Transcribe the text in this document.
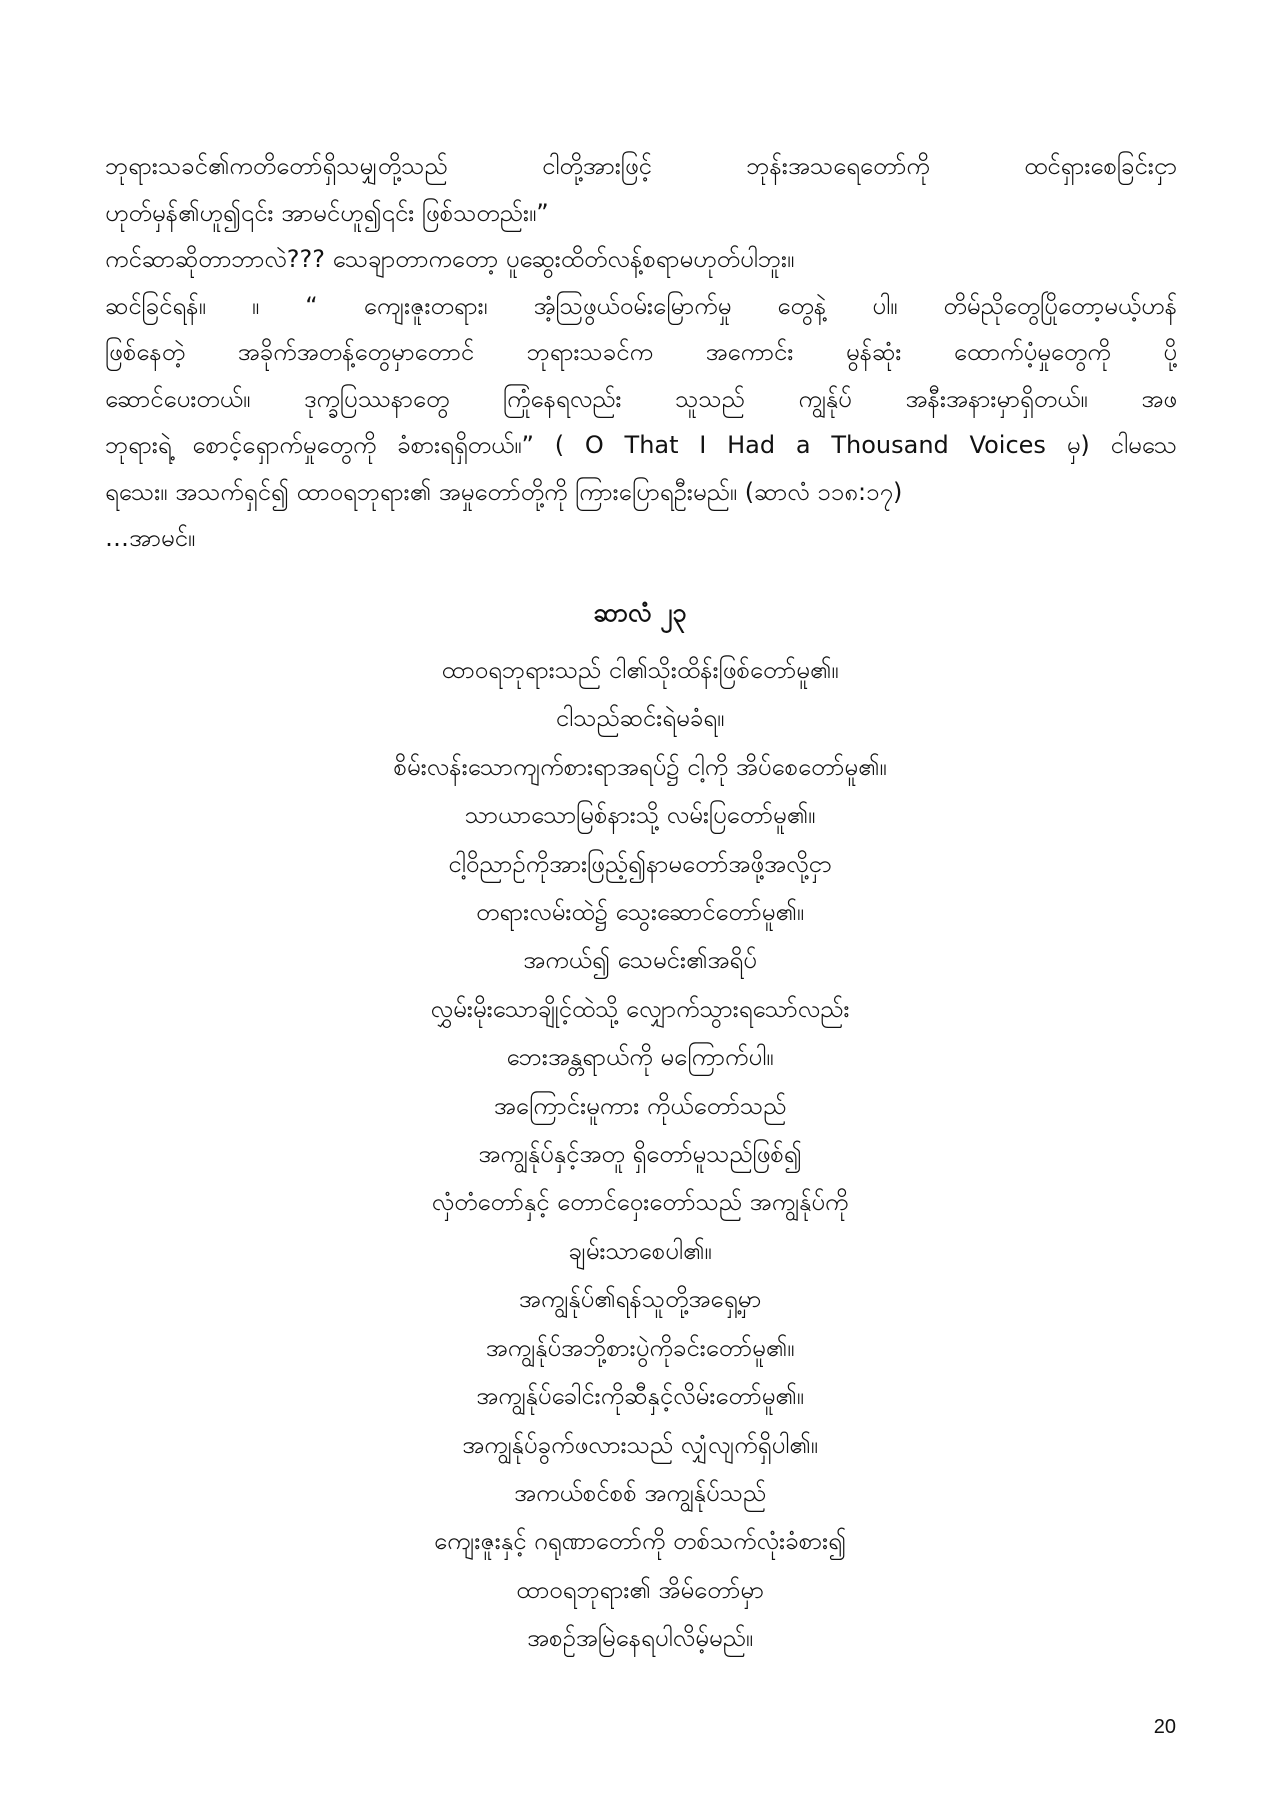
ဘုရားသခင်၏ကတိတော်ရှိသမျှတို့သည် ငါတို့အားဖြင့် ဘုန်းအသရေတော်ကို ထင်ရှားစေခြင်းငှာ
ဟုတ်မှန်၏ဟူ၍၎င်း အာမင်ဟူ၍၎င်း ဖြစ်သတည်း။”
ကင်ဆာဆိုတာဘာလဲ??? သေချာတာကတော့ ပူဆွေးထိတ်လန့်စရာမဟုတ်ပါဘူး။
ဆင်ခြင်ရန်။ ။ “ ကျေးဇူးတရား၊ အံ့သြဖွယ်ဝမ်းမြောက်မှု တွေနဲ့ ပါ။ တိမ်ညိုတွေပြိုတော့မယ့်ဟန်
ဖြစ်နေတဲ့ အခိုက်အတန့်တွေမှာတောင် ဘုရားသခင်က အကောင်း မွန်ဆုံး ထောက်ပံ့မှုတွေကို ပို့
ဆောင်ပေးတယ်။ ဒုက္ခပြဿနာတွေ ကြုံနေရလည်း သူသည် ကျွန်ုပ် အနီးအနားမှာရှိတယ်။ အဖ
ဘုရားရဲ့ စောင့်ရှောက်မှုတွေကို ခံစားရရှိတယ်။” ( O That I Had a Thousand Voices မှ) ငါမသေ
ရသေး။ အသက်ရှင်၍ ထာဝရဘုရား၏ အမှုတော်တို့ကို ကြားပြောရဦးမည်။ (ဆာလံ ၁၁၈:၁၇)
…အာမင်။
ဆာလံ ၂၃
ထာဝရဘုရားသည် ငါ၏သိုးထိန်းဖြစ်တော်မူ၏။
ငါသည်ဆင်းရဲမခံရ။
စိမ်းလန်းသောကျက်စားရာအရပ်၌ ငါ့ကို အိပ်စေတော်မူ၏။
သာယာသောမြစ်နားသို့ လမ်းပြတော်မူ၏။
ငါ့ဝိညာဉ်ကိုအားဖြည့်၍နာမတော်အဖို့အလို့ငှာ
တရားလမ်းထဲ၌ သွေးဆောင်တော်မူ၏။
အကယ်၍ သေမင်း၏အရိပ်
လွှမ်းမိုးသောချိုင့်ထဲသို့ လျှောက်သွားရသော်လည်း
ဘေးအန္တရာယ်ကို မကြောက်ပါ။
အကြောင်းမူကား ကိုယ်တော်သည်
အကျွန်ုပ်နှင့်အတူ ရှိတော်မူသည်ဖြစ်၍
လှံတံတော်နှင့် တောင်ဝှေးတော်သည် အကျွန်ုပ်ကို
ချမ်းသာစေပါ၏။
အကျွန်ုပ်၏ရန်သူတို့အရှေ့မှာ
အကျွန်ုပ်အဘို့စားပွဲကိုခင်းတော်မူ၏။
အကျွန်ုပ်ခေါင်းကိုဆီနှင့်လိမ်းတော်မူ၏။
အကျွန်ုပ်ခွက်ဖလားသည် လျှံလျက်ရှိပါ၏။
အကယ်စင်စစ် အကျွန်ုပ်သည်
ကျေးဇူးနှင့် ဂရုဏာတော်ကို တစ်သက်လုံးခံစား၍
ထာဝရဘုရား၏ အိမ်တော်မှာ
အစဉ်အမြဲနေရပါလိမ့်မည်။
20
